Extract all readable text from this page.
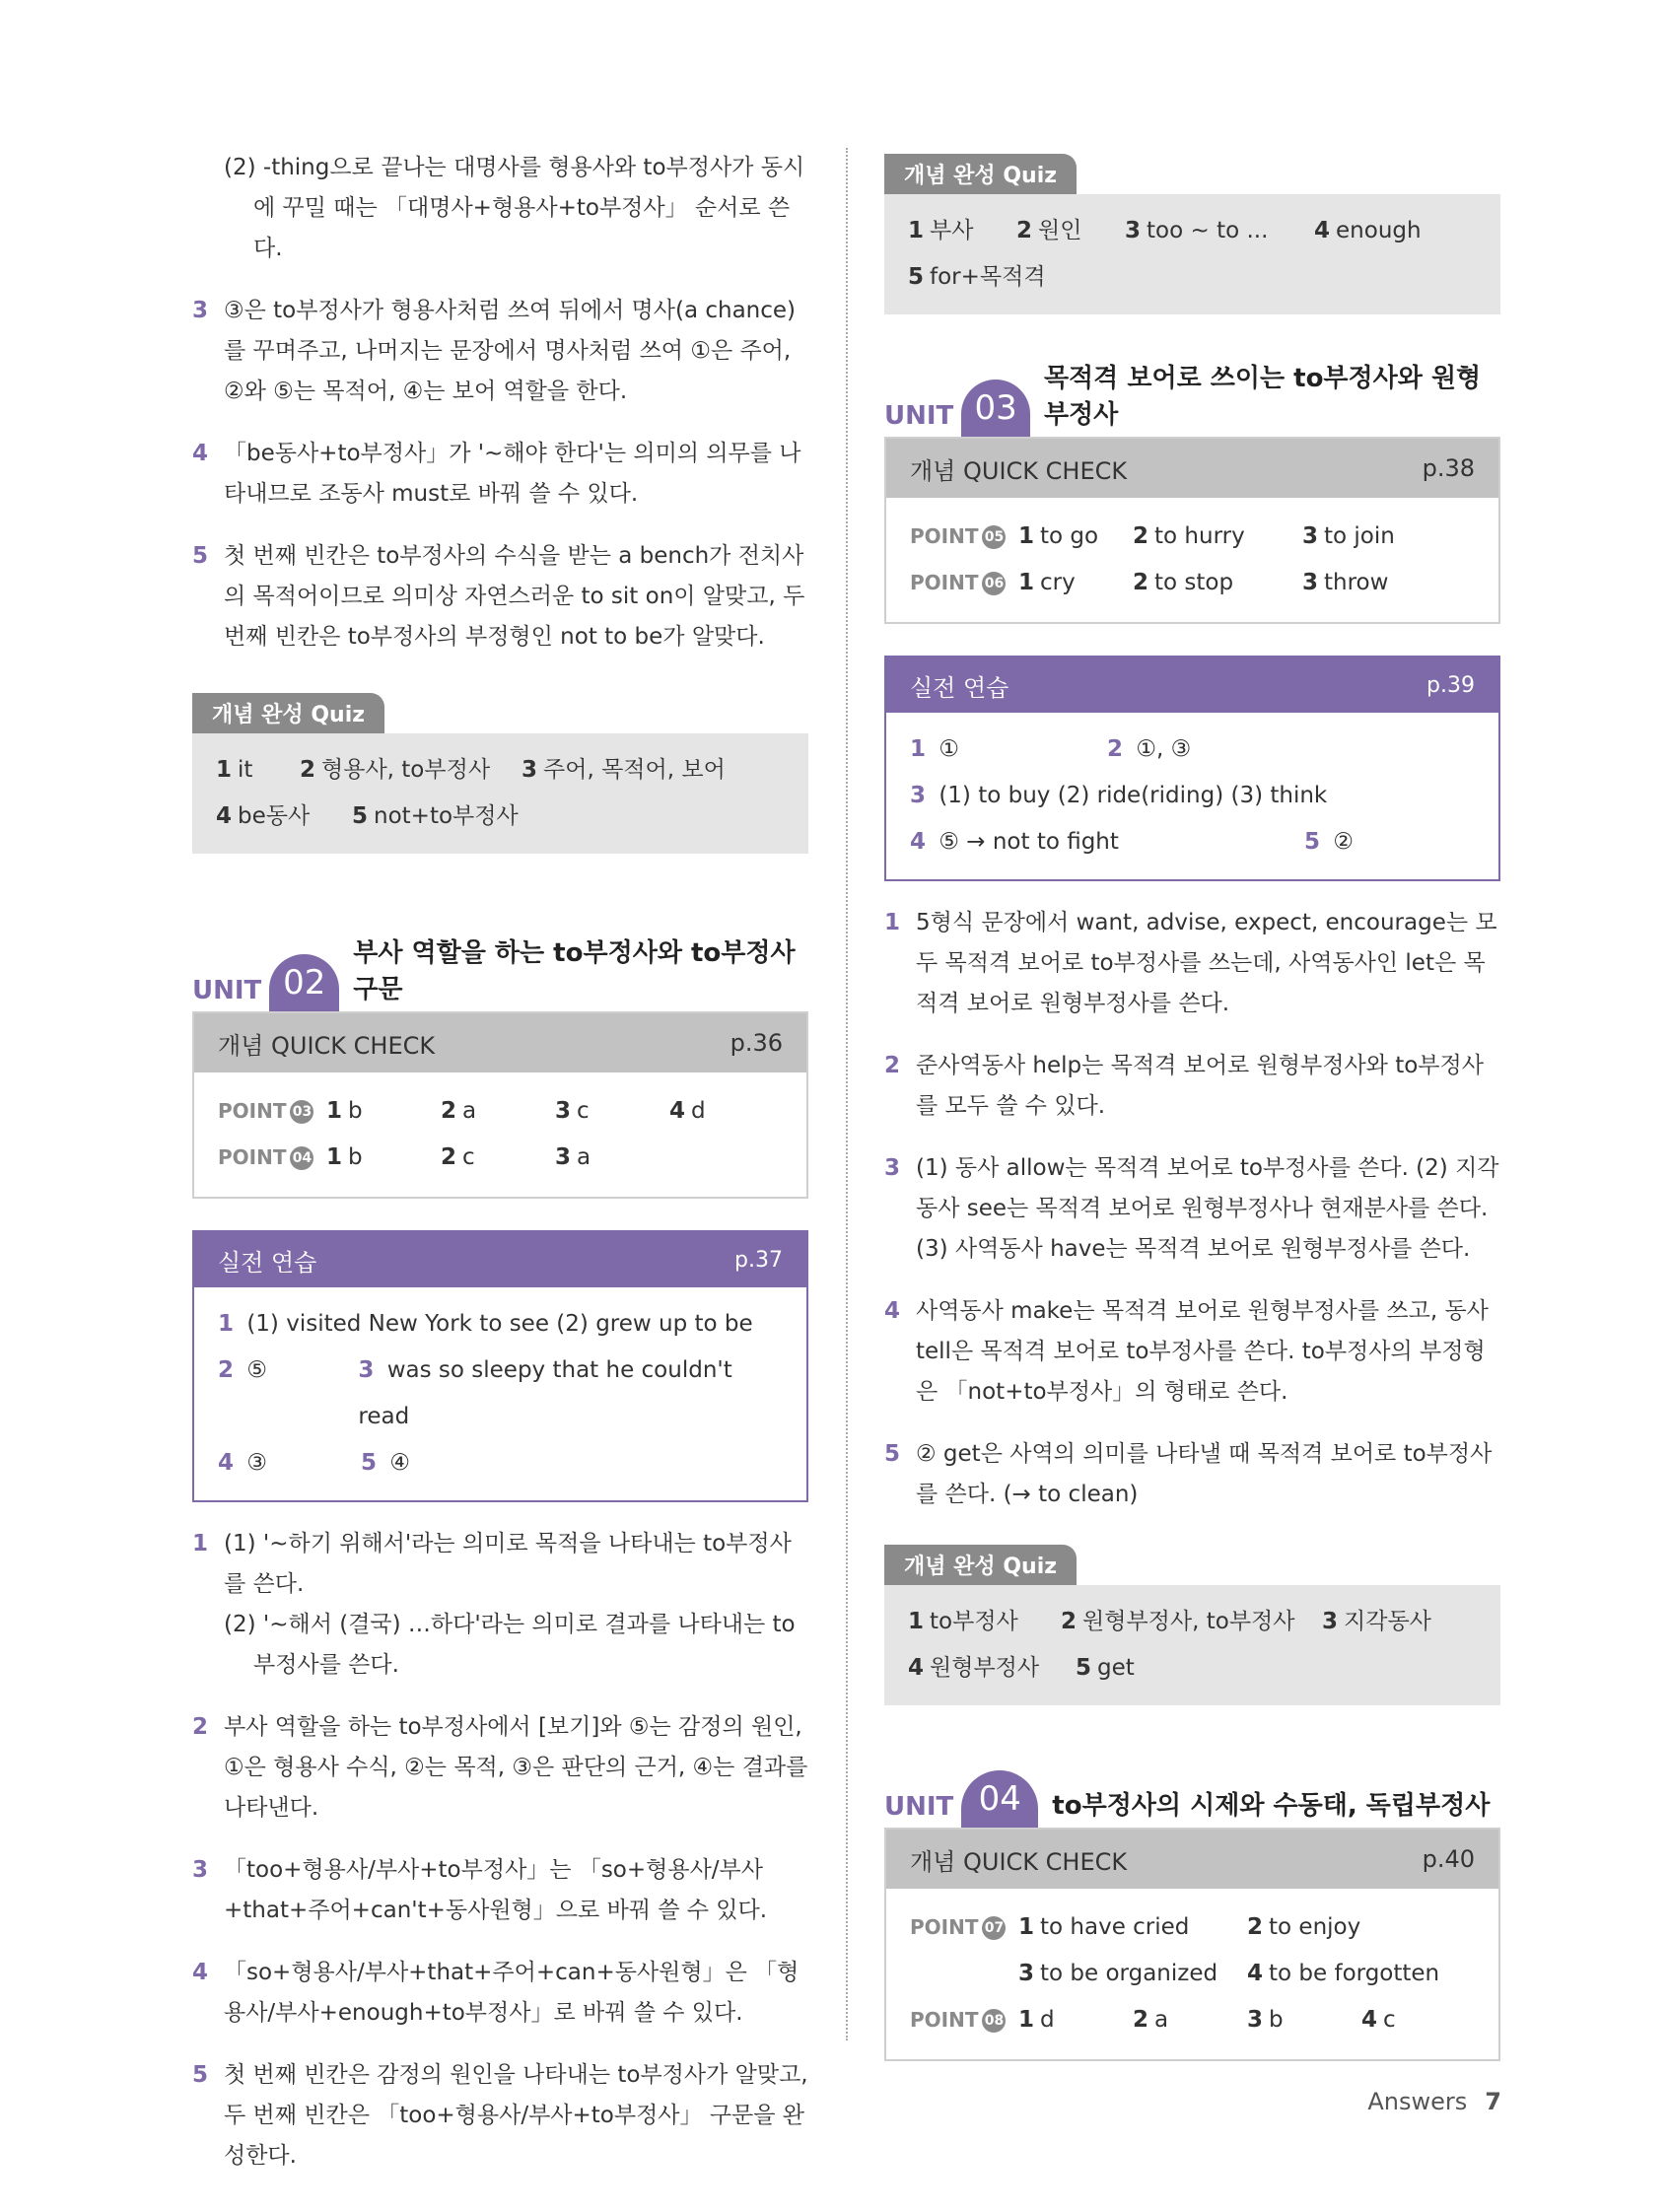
(2) -thing으로 끝나는 대명사를 형용사와 to부정사가 동시에 꾸밀 때는 「대명사+형용사+to부정사」 순서로 쓴다.
3 ③은 to부정사가 형용사처럼 쓰여 뒤에서 명사(a chance)를 꾸며주고, 나머지는 문장에서 명사처럼 쓰여 ①은 주어, ②와 ⑤는 목적어, ④는 보어 역할을 한다.
4 「be동사+to부정사」가 '~해야 한다'는 의미의 의무를 나타내므로 조동사 must로 바꿔 쓸 수 있다.
5 첫 번째 빈칸은 to부정사의 수식을 받는 a bench가 전치사의 목적어이므로 의미상 자연스러운 to sit on이 알맞고, 두 번째 빈칸은 to부정사의 부정형인 not to be가 알맞다.
개념 완성 Quiz
1 it	2 형용사, to부정사	3 주어, 목적어, 보어
4 be동사	5 not+to부정사
UNIT 02
부사 역할을 하는 to부정사와 to부정사 구문
개념 QUICK CHECK	p.36
POINT 03 1 b	2 a	3 c	4 d
POINT 04 1 b	2 c	3 a
실전 연습	p.37
1 (1) visited New York to see (2) grew up to be
2 ⑤	3 was so sleepy that he couldn't read
4 ③	5 ④
1 (1) '~하기 위해서'라는 의미로 목적을 나타내는 to부정사를 쓴다.
(2) '~해서 (결국) …하다'라는 의미로 결과를 나타내는 to부정사를 쓴다.
2 부사 역할을 하는 to부정사에서 [보기]와 ⑤는 감정의 원인, ①은 형용사 수식, ②는 목적, ③은 판단의 근거, ④는 결과를 나타낸다.
3 「too+형용사/부사+to부정사」는 「so+형용사/부사+that+주어+can't+동사원형」으로 바꿔 쓸 수 있다.
4 「so+형용사/부사+that+주어+can+동사원형」은 「형용사/부사+enough+to부정사」로 바꿔 쓸 수 있다.
5 첫 번째 빈칸은 감정의 원인을 나타내는 to부정사가 알맞고, 두 번째 빈칸은 「too+형용사/부사+to부정사」 구문을 완성한다.
개념 완성 Quiz
1 부사	2 원인	3 too ~ to ...	4 enough
5 for+목적격
UNIT 03
목적격 보어로 쓰이는 to부정사와 원형부정사
개념 QUICK CHECK	p.38
POINT 05 1 to go	2 to hurry	3 to join
POINT 06 1 cry	2 to stop	3 throw
실전 연습	p.39
1 ①	2 ①, ③
3 (1) to buy (2) ride(riding) (3) think
4 ⑤ → not to fight	5 ②
1 5형식 문장에서 want, advise, expect, encourage는 모두 목적격 보어로 to부정사를 쓰는데, 사역동사인 let은 목적격 보어로 원형부정사를 쓴다.
2 준사역동사 help는 목적격 보어로 원형부정사와 to부정사를 모두 쓸 수 있다.
3 (1) 동사 allow는 목적격 보어로 to부정사를 쓴다. (2) 지각동사 see는 목적격 보어로 원형부정사나 현재분사를 쓴다. (3) 사역동사 have는 목적격 보어로 원형부정사를 쓴다.
4 사역동사 make는 목적격 보어로 원형부정사를 쓰고, 동사 tell은 목적격 보어로 to부정사를 쓴다. to부정사의 부정형은 「not+to부정사」의 형태로 쓴다.
5 ② get은 사역의 의미를 나타낼 때 목적격 보어로 to부정사를 쓴다. (→ to clean)
개념 완성 Quiz
1 to부정사	2 원형부정사, to부정사	3 지각동사
4 원형부정사	5 get
UNIT 04	to부정사의 시제와 수동태, 독립부정사
개념 QUICK CHECK	p.40
POINT 07 1 to have cried	2 to enjoy
3 to be organized	4 to be forgotten
POINT 08 1 d	2 a	3 b	4 c
Answers 7
